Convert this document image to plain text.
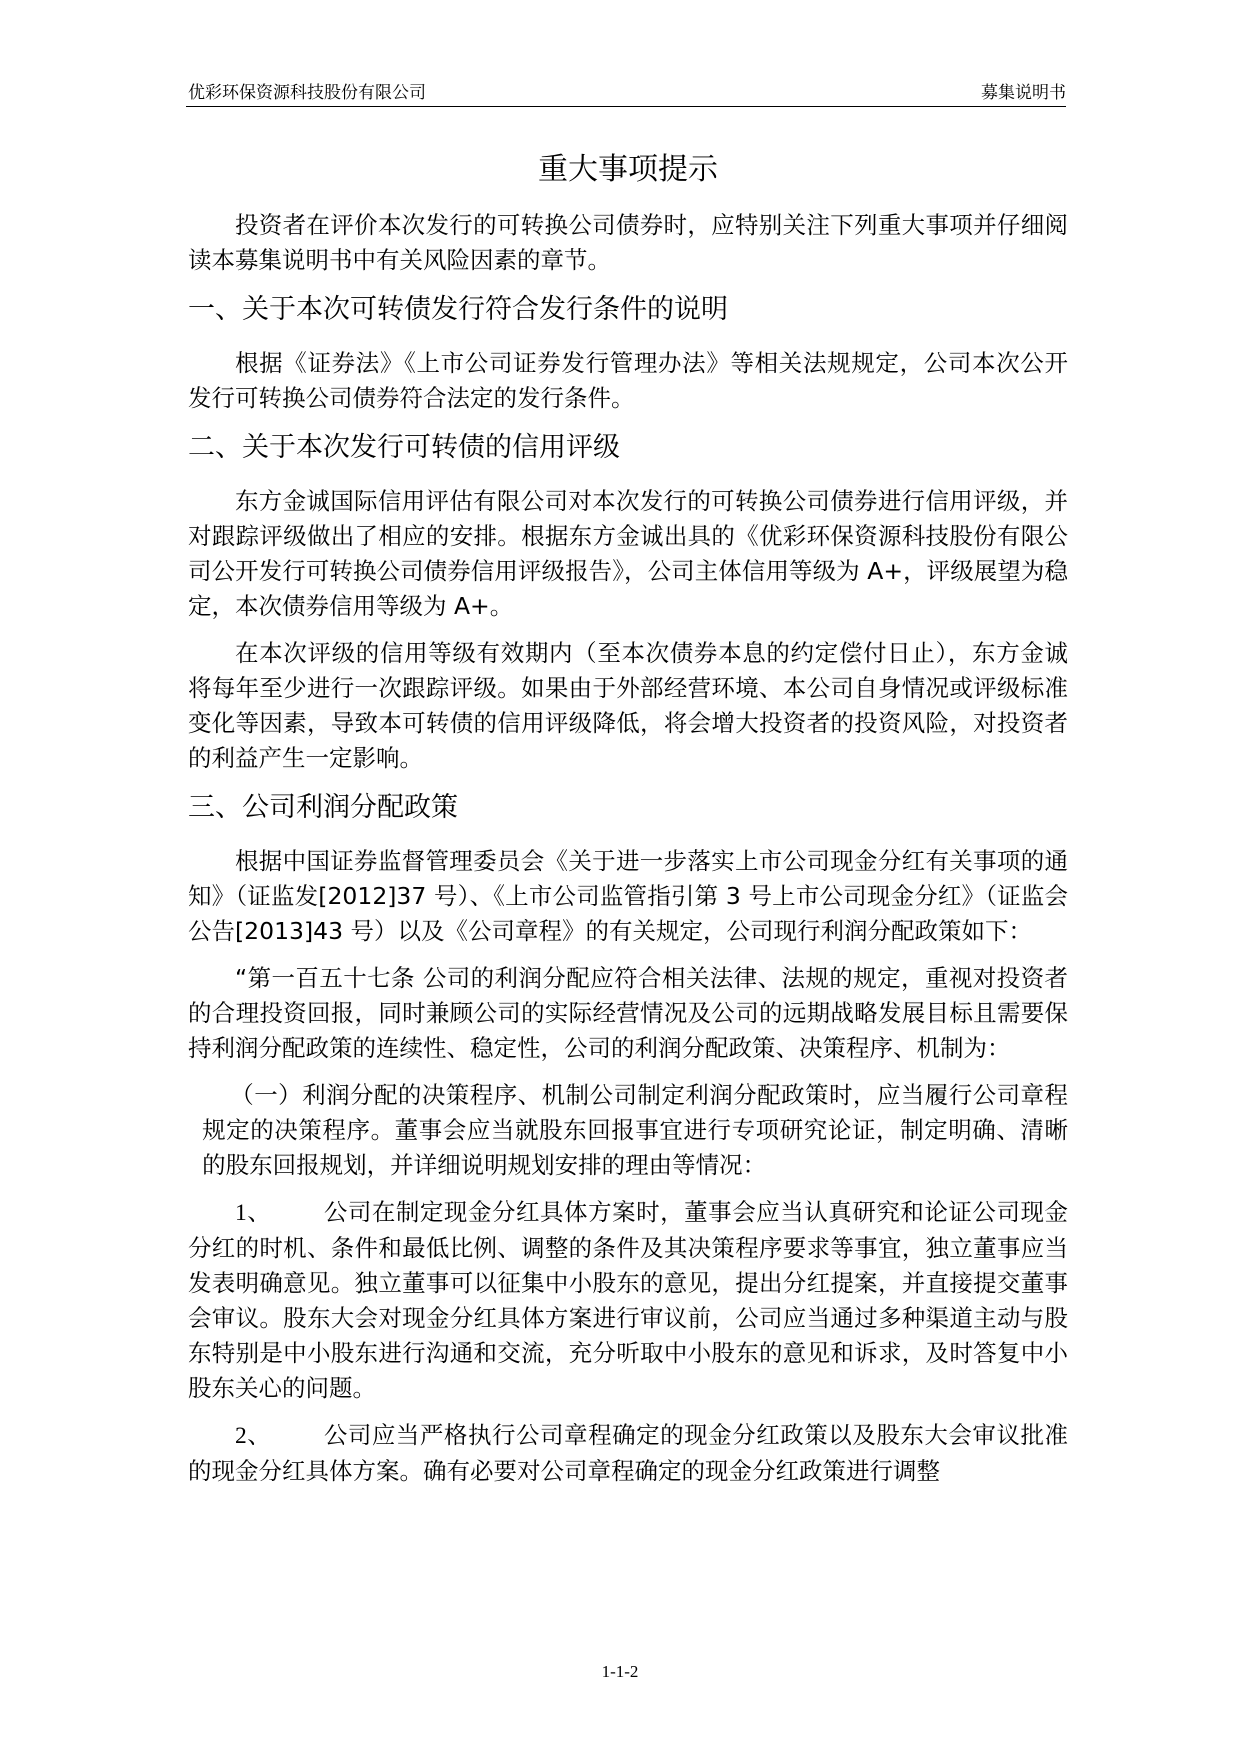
优彩环保资源科技股份有限公司	募集说明书
重大事项提示

投资者在评价本次发行的可转换公司债券时，应特别关注下列重大事项并仔细阅读本募集说明书中有关风险因素的章节。

一、关于本次可转债发行符合发行条件的说明

根据《证券法》《上市公司证券发行管理办法》等相关法规规定，公司本次公开发行可转换公司债券符合法定的发行条件。

二、关于本次发行可转债的信用评级

东方金诚国际信用评估有限公司对本次发行的可转换公司债券进行信用评级，并对跟踪评级做出了相应的安排。根据东方金诚出具的《优彩环保资源科技股份有限公司公开发行可转换公司债券信用评级报告》，公司主体信用等级为 A+，评级展望为稳定，本次债券信用等级为 A+。

在本次评级的信用等级有效期内（至本次债券本息的约定偿付日止），东方金诚将每年至少进行一次跟踪评级。如果由于外部经营环境、本公司自身情况或评级标准变化等因素，导致本可转债的信用评级降低，将会增大投资者的投资风险，对投资者的利益产生一定影响。

三、公司利润分配政策

根据中国证券监督管理委员会《关于进一步落实上市公司现金分红有关事项的通知》（证监发[2012]37 号）、《上市公司监管指引第 3 号上市公司现金分红》（证监会公告[2013]43 号）以及《公司章程》的有关规定，公司现行利润分配政策如下：

“第一百五十七条 公司的利润分配应符合相关法律、法规的规定，重视对投资者的合理投资回报，同时兼顾公司的实际经营情况及公司的远期战略发展目标且需要保持利润分配政策的连续性、稳定性，公司的利润分配政策、决策程序、机制为：

（一）利润分配的决策程序、机制公司制定利润分配政策时，应当履行公司章程规定的决策程序。董事会应当就股东回报事宜进行专项研究论证，制定明确、清晰的股东回报规划，并详细说明规划安排的理由等情况：

1、 公司在制定现金分红具体方案时，董事会应当认真研究和论证公司现金分红的时机、条件和最低比例、调整的条件及其决策程序要求等事宜，独立董事应当发表明确意见。独立董事可以征集中小股东的意见，提出分红提案，并直接提交董事会审议。股东大会对现金分红具体方案进行审议前，公司应当通过多种渠道主动与股东特别是中小股东进行沟通和交流，充分听取中小股东的意见和诉求，及时答复中小股东关心的问题。

2、 公司应当严格执行公司章程确定的现金分红政策以及股东大会审议批准的现金分红具体方案。确有必要对公司章程确定的现金分红政策进行调整

1-1-2
